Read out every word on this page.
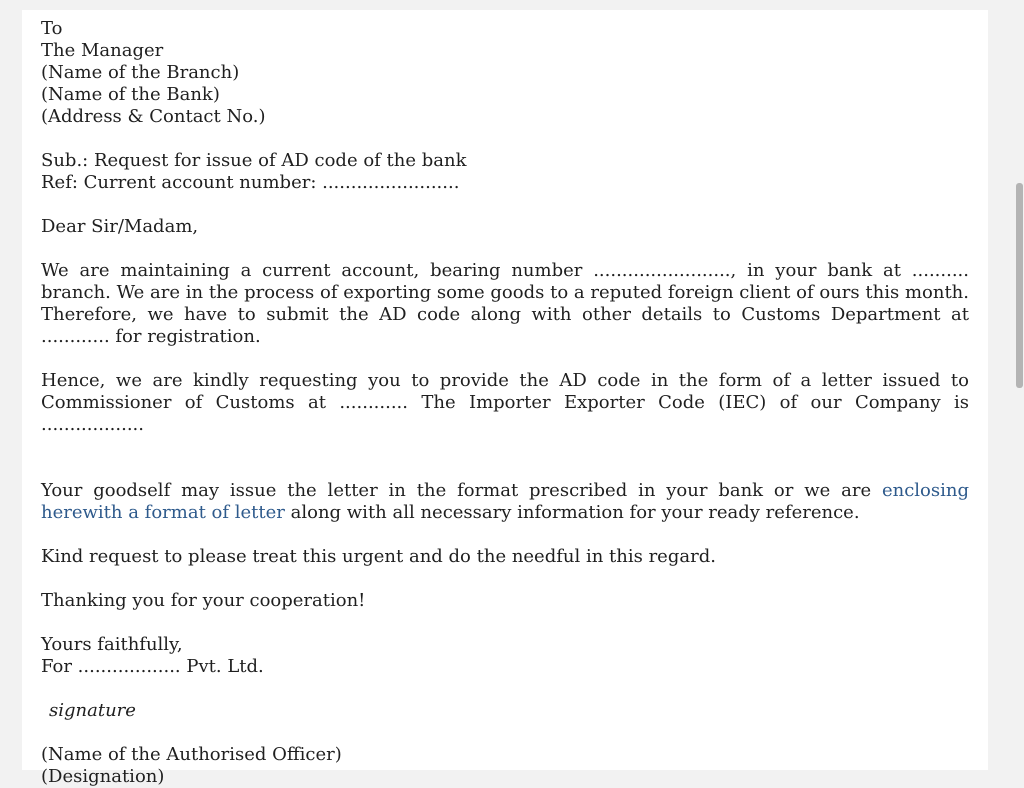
To
The Manager
(Name of the Branch)
(Name of the Bank)
(Address & Contact No.)
Sub.: Request for issue of AD code of the bank
Ref: Current account number: ........................

Dear Sir/Madam,

We are maintaining a current account, bearing number ........................, in your bank at .......... branch. We are in the process of exporting some goods to a reputed foreign client of ours this month. Therefore, we have to submit the AD code along with other details to Customs Department at ............ for registration.

Hence, we are kindly requesting you to provide the AD code in the form of a letter issued to Commissioner of Customs at ............ The Importer Exporter Code (IEC) of our Company is ..................

Your goodself may issue the letter in the format prescribed in your bank or we are enclosing herewith a format of letter along with all necessary information for your ready reference.

Kind request to please treat this urgent and do the needful in this regard.

Thanking you for your cooperation!

Yours faithfully,
For .................. Pvt. Ltd.

signature

(Name of the Authorised Officer)
(Designation)
